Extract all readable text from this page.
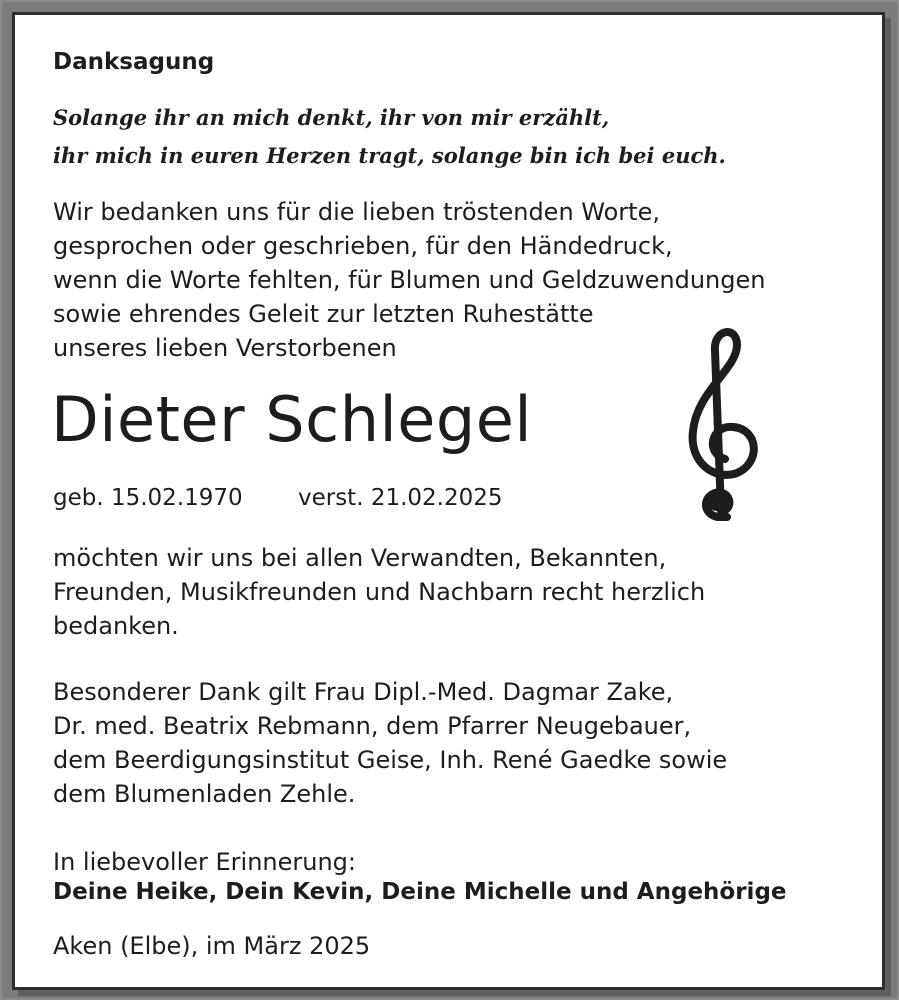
Danksagung
Solange ihr an mich denkt, ihr von mir erzählt,
ihr mich in euren Herzen tragt, solange bin ich bei euch.
Wir bedanken uns für die lieben tröstenden Worte,
gesprochen oder geschrieben, für den Händedruck,
wenn die Worte fehlten, für Blumen und Geldzuwendungen
sowie ehrendes Geleit zur letzten Ruhestätte
unseres lieben Verstorbenen
Dieter Schlegel
geb. 15.02.1970 verst. 21.02.2025
möchten wir uns bei allen Verwandten, Bekannten,
Freunden, Musikfreunden und Nachbarn recht herzlich
bedanken.
Besonderer Dank gilt Frau Dipl.-Med. Dagmar Zake,
Dr. med. Beatrix Rebmann, dem Pfarrer Neugebauer,
dem Beerdigungsinstitut Geise, Inh. René Gaedke sowie
dem Blumenladen Zehle.
In liebevoller Erinnerung:
Deine Heike, Dein Kevin, Deine Michelle und Angehörige
Aken (Elbe), im März 2025
